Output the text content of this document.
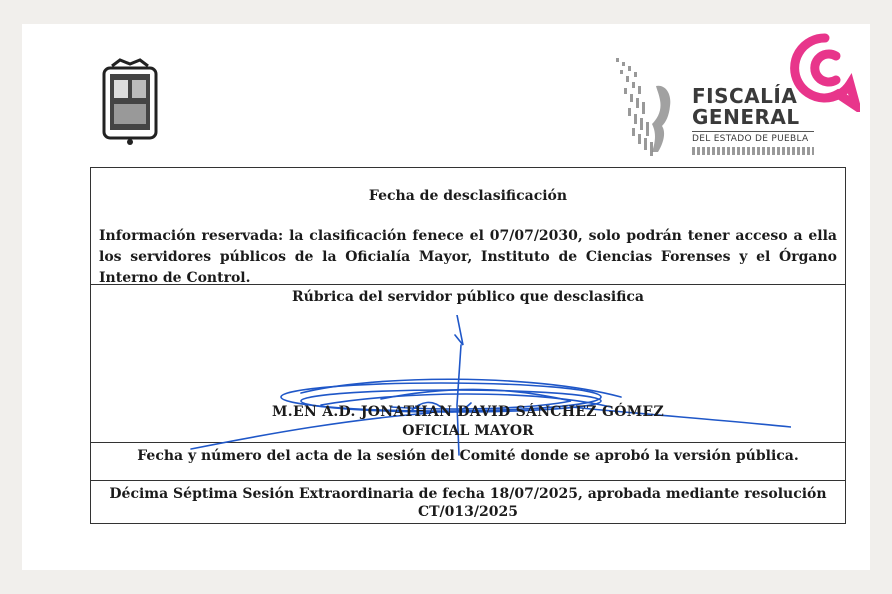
FISCALÍA
GENERAL
DEL ESTADO DE PUEBLA
Fecha de desclasificación
Información reservada: la clasificación fenece el 07/07/2030, solo podrán tener acceso a ella los servidores públicos de la Oficialía Mayor, Instituto de Ciencias Forenses y el Órgano Interno de Control.
Rúbrica del servidor público que desclasifica
M.EN A.D. JONATHAN DAVID SÁNCHEZ GÓMEZ
OFICIAL MAYOR
Fecha y número del acta de la sesión del Comité donde se aprobó la versión pública.
Décima Séptima Sesión Extraordinaria de fecha 18/07/2025, aprobada mediante resolución
CT/013/2025
